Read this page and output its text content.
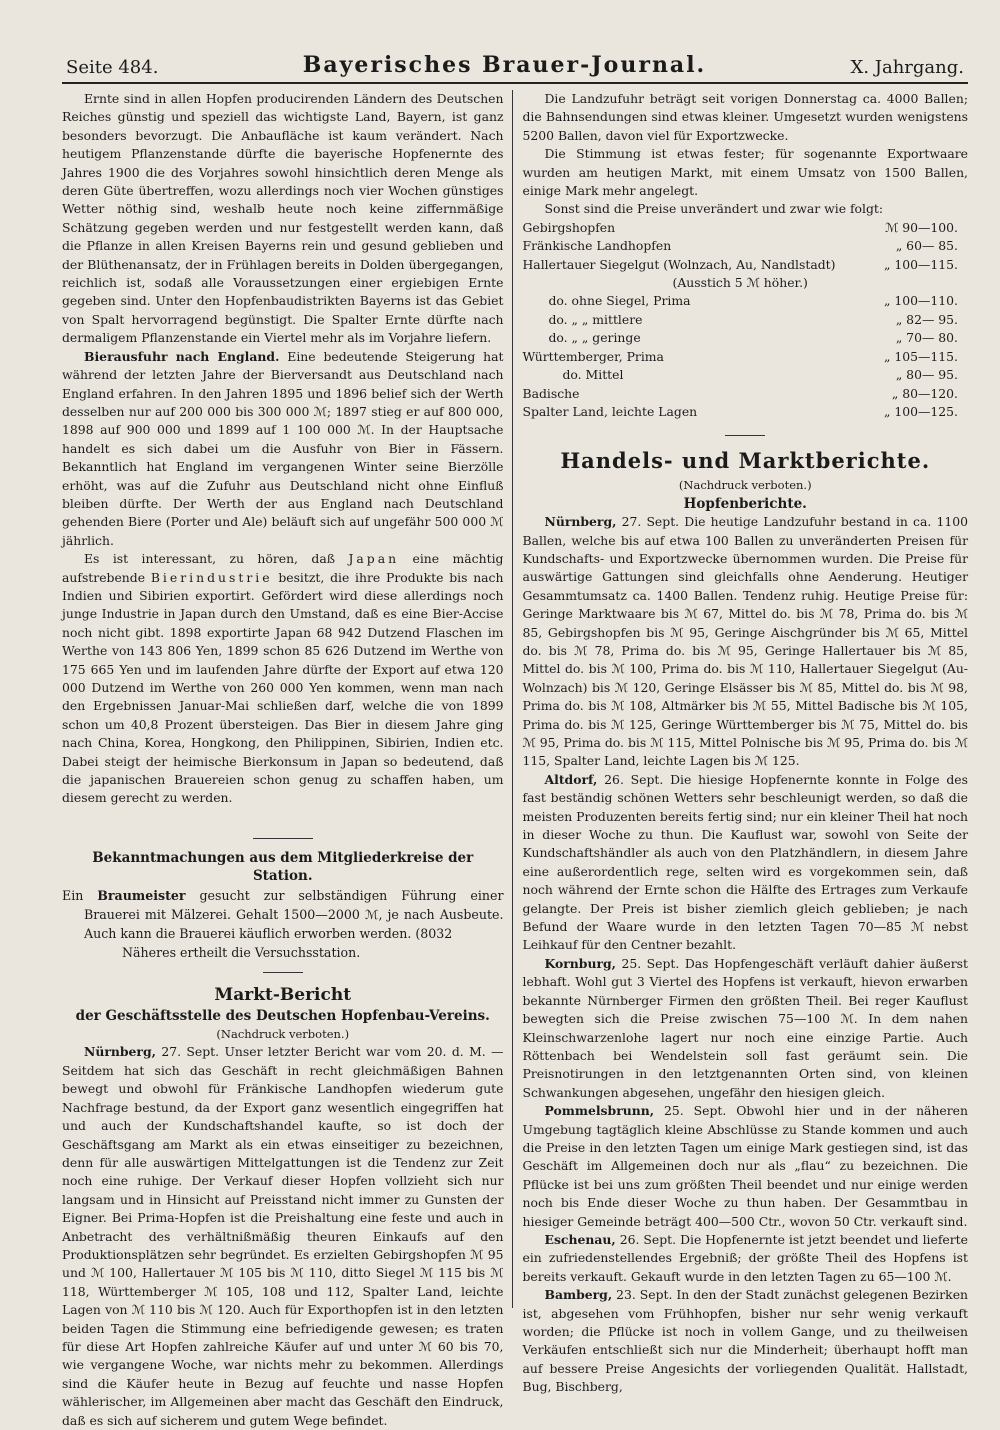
Seite 484.	Bayerisches Brauer-Journal.	X. Jahrgang.

Ernte sind in allen Hopfen producirenden Ländern des Deutschen Reiches günstig und speziell das wichtigste Land, Bayern, ist ganz besonders bevorzugt. Die Anbaufläche ist kaum verändert. Nach heutigem Pflanzenstande dürfte die bayerische Hopfenernte des Jahres 1900 die des Vorjahres sowohl hinsichtlich deren Menge als deren Güte übertreffen, wozu allerdings noch vier Wochen günstiges Wetter nöthig sind, weshalb heute noch keine ziffernmäßige Schätzung gegeben werden und nur festgestellt werden kann, daß die Pflanze in allen Kreisen Bayerns rein und gesund geblieben und der Blüthenansatz, der in Frühlagen bereits in Dolden übergegangen, reichlich ist, sodaß alle Voraussetzungen einer ergiebigen Ernte gegeben sind. Unter den Hopfenbaudistrikten Bayerns ist das Gebiet von Spalt hervorragend begünstigt. Die Spalter Ernte dürfte nach dermaligem Pflanzenstande ein Viertel mehr als im Vorjahre liefern.

Bierausfuhr nach England. Eine bedeutende Steigerung hat während der letzten Jahre der Bierversandt aus Deutschland nach England erfahren. In den Jahren 1895 und 1896 belief sich der Werth desselben nur auf 200 000 bis 300 000 ℳ; 1897 stieg er auf 800 000, 1898 auf 900 000 und 1899 auf 1 100 000 ℳ. In der Hauptsache handelt es sich dabei um die Ausfuhr von Bier in Fässern. Bekanntlich hat England im vergangenen Winter seine Bierzölle erhöht, was auf die Zufuhr aus Deutschland nicht ohne Einfluß bleiben dürfte. Der Werth der aus England nach Deutschland gehenden Biere (Porter und Ale) beläuft sich auf ungefähr 500 000 ℳ jährlich.

Es ist interessant, zu hören, daß Japan eine mächtig aufstrebende Bierindustrie besitzt, die ihre Produkte bis nach Indien und Sibirien exportirt. Gefördert wird diese allerdings noch junge Industrie in Japan durch den Umstand, daß es eine Bier-Accise noch nicht gibt. 1898 exportirte Japan 68 942 Dutzend Flaschen im Werthe von 143 806 Yen, 1899 schon 85 626 Dutzend im Werthe von 175 665 Yen und im laufenden Jahre dürfte der Export auf etwa 120 000 Dutzend im Werthe von 260 000 Yen kommen, wenn man nach den Ergebnissen Januar-Mai schließen darf, welche die von 1899 schon um 40,8 Prozent übersteigen. Das Bier in diesem Jahre ging nach China, Korea, Hongkong, den Philippinen, Sibirien, Indien etc. Dabei steigt der heimische Bierkonsum in Japan so bedeutend, daß die japanischen Brauereien schon genug zu schaffen haben, um diesem gerecht zu werden.

Bekanntmachungen aus dem Mitgliederkreise der Station.

Ein Braumeister gesucht zur selbständigen Führung einer Brauerei mit Mälzerei. Gehalt 1500—2000 ℳ, je nach Ausbeute. Auch kann die Brauerei käuflich erworben werden. (8032

Näheres ertheilt die Versuchsstation.

Markt-Bericht

der Geschäftsstelle des Deutschen Hopfenbau-Vereins.

(Nachdruck verboten.)

Nürnberg, 27. Sept. Unser letzter Bericht war vom 20. d. M. — Seitdem hat sich das Geschäft in recht gleichmäßigen Bahnen bewegt und obwohl für Fränkische Landhopfen wiederum gute Nachfrage bestund, da der Export ganz wesentlich eingegriffen hat und auch der Kundschaftshandel kaufte, so ist doch der Geschäftsgang am Markt als ein etwas einseitiger zu bezeichnen, denn für alle auswärtigen Mittelgattungen ist die Tendenz zur Zeit noch eine ruhige. Der Verkauf dieser Hopfen vollzieht sich nur langsam und in Hinsicht auf Preisstand nicht immer zu Gunsten der Eigner. Bei Prima-Hopfen ist die Preishaltung eine feste und auch in Anbetracht des verhältnißmäßig theuren Einkaufs auf den Produktionsplätzen sehr begründet. Es erzielten Gebirgshopfen ℳ 95 und ℳ 100, Hallertauer ℳ 105 bis ℳ 110, ditto Siegel ℳ 115 bis ℳ 118, Württemberger ℳ 105, 108 und 112, Spalter Land, leichte Lagen von ℳ 110 bis ℳ 120. Auch für Exporthopfen ist in den letzten beiden Tagen die Stimmung eine befriedigende gewesen; es traten für diese Art Hopfen zahlreiche Käufer auf und unter ℳ 60 bis 70, wie vergangene Woche, war nichts mehr zu bekommen. Allerdings sind die Käufer heute in Bezug auf feuchte und nasse Hopfen wählerischer, im Allgemeinen aber macht das Geschäft den Eindruck, daß es sich auf sicherem und gutem Wege befindet.

Die Landzufuhr beträgt seit vorigen Donnerstag ca. 4000 Ballen; die Bahnsendungen sind etwas kleiner. Umgesetzt wurden wenigstens 5200 Ballen, davon viel für Exportzwecke.

Die Stimmung ist etwas fester; für sogenannte Exportwaare wurden am heutigen Markt, mit einem Umsatz von 1500 Ballen, einige Mark mehr angelegt.

Sonst sind die Preise unverändert und zwar wie folgt:

Gebirgshopfen	ℳ 90—100.
Fränkische Landhopfen	„ 60— 85.
Hallertauer Siegelgut (Wolnzach, Au, Nandlstadt)	„ 100—115.
(Ausstich 5 ℳ höher.)
do. ohne Siegel, Prima	„ 100—110.
do. „ „ mittlere	„ 82— 95.
do. „ „ geringe	„ 70— 80.
Württemberger, Prima	„ 105—115.
do. Mittel	„ 80— 95.
Badische	„ 80—120.
Spalter Land, leichte Lagen	„ 100—125.

Handels- und Marktberichte.

(Nachdruck verboten.)

Hopfenberichte.

Nürnberg, 27. Sept. Die heutige Landzufuhr bestand in ca. 1100 Ballen, welche bis auf etwa 100 Ballen zu unveränderten Preisen für Kundschafts- und Exportzwecke übernommen wurden. Die Preise für auswärtige Gattungen sind gleichfalls ohne Aenderung. Heutiger Gesammtumsatz ca. 1400 Ballen. Tendenz ruhig. Heutige Preise für: Geringe Marktwaare bis ℳ 67, Mittel do. bis ℳ 78, Prima do. bis ℳ 85, Gebirgshopfen bis ℳ 95, Geringe Aischgründer bis ℳ 65, Mittel do. bis ℳ 78, Prima do. bis ℳ 95, Geringe Hallertauer bis ℳ 85, Mittel do. bis ℳ 100, Prima do. bis ℳ 110, Hallertauer Siegelgut (Au-Wolnzach) bis ℳ 120, Geringe Elsässer bis ℳ 85, Mittel do. bis ℳ 98, Prima do. bis ℳ 108, Altmärker bis ℳ 55, Mittel Badische bis ℳ 105, Prima do. bis ℳ 125, Geringe Württemberger bis ℳ 75, Mittel do. bis ℳ 95, Prima do. bis ℳ 115, Mittel Polnische bis ℳ 95, Prima do. bis ℳ 115, Spalter Land, leichte Lagen bis ℳ 125.

Altdorf, 26. Sept. Die hiesige Hopfenernte konnte in Folge des fast beständig schönen Wetters sehr beschleunigt werden, so daß die meisten Produzenten bereits fertig sind; nur ein kleiner Theil hat noch in dieser Woche zu thun. Die Kauflust war, sowohl von Seite der Kundschaftshändler als auch von den Platzhändlern, in diesem Jahre eine außerordentlich rege, selten wird es vorgekommen sein, daß noch während der Ernte schon die Hälfte des Ertrages zum Verkaufe gelangte. Der Preis ist bisher ziemlich gleich geblieben; je nach Befund der Waare wurde in den letzten Tagen 70—85 ℳ nebst Leihkauf für den Centner bezahlt.

Kornburg, 25. Sept. Das Hopfengeschäft verläuft dahier äußerst lebhaft. Wohl gut 3 Viertel des Hopfens ist verkauft, hievon erwarben bekannte Nürnberger Firmen den größten Theil. Bei reger Kauflust bewegten sich die Preise zwischen 75—100 ℳ. In dem nahen Kleinschwarzenlohe lagert nur noch eine einzige Partie. Auch Röttenbach bei Wendelstein soll fast geräumt sein. Die Preisnotirungen in den letztgenannten Orten sind, von kleinen Schwankungen abgesehen, ungefähr den hiesigen gleich.

Pommelsbrunn, 25. Sept. Obwohl hier und in der näheren Umgebung tagtäglich kleine Abschlüsse zu Stande kommen und auch die Preise in den letzten Tagen um einige Mark gestiegen sind, ist das Geschäft im Allgemeinen doch nur als „flau“ zu bezeichnen. Die Pflücke ist bei uns zum größten Theil beendet und nur einige werden noch bis Ende dieser Woche zu thun haben. Der Gesammtbau in hiesiger Gemeinde beträgt 400—500 Ctr., wovon 50 Ctr. verkauft sind.

Eschenau, 26. Sept. Die Hopfenernte ist jetzt beendet und lieferte ein zufriedenstellendes Ergebniß; der größte Theil des Hopfens ist bereits verkauft. Gekauft wurde in den letzten Tagen zu 65—100 ℳ.

Bamberg, 23. Sept. In den der Stadt zunächst gelegenen Bezirken ist, abgesehen vom Frühhopfen, bisher nur sehr wenig verkauft worden; die Pflücke ist noch in vollem Gange, und zu theilweisen Verkäufen entschließt sich nur die Minderheit; überhaupt hofft man auf bessere Preise Angesichts der vorliegenden Qualität. Hallstadt, Bug, Bischberg,
